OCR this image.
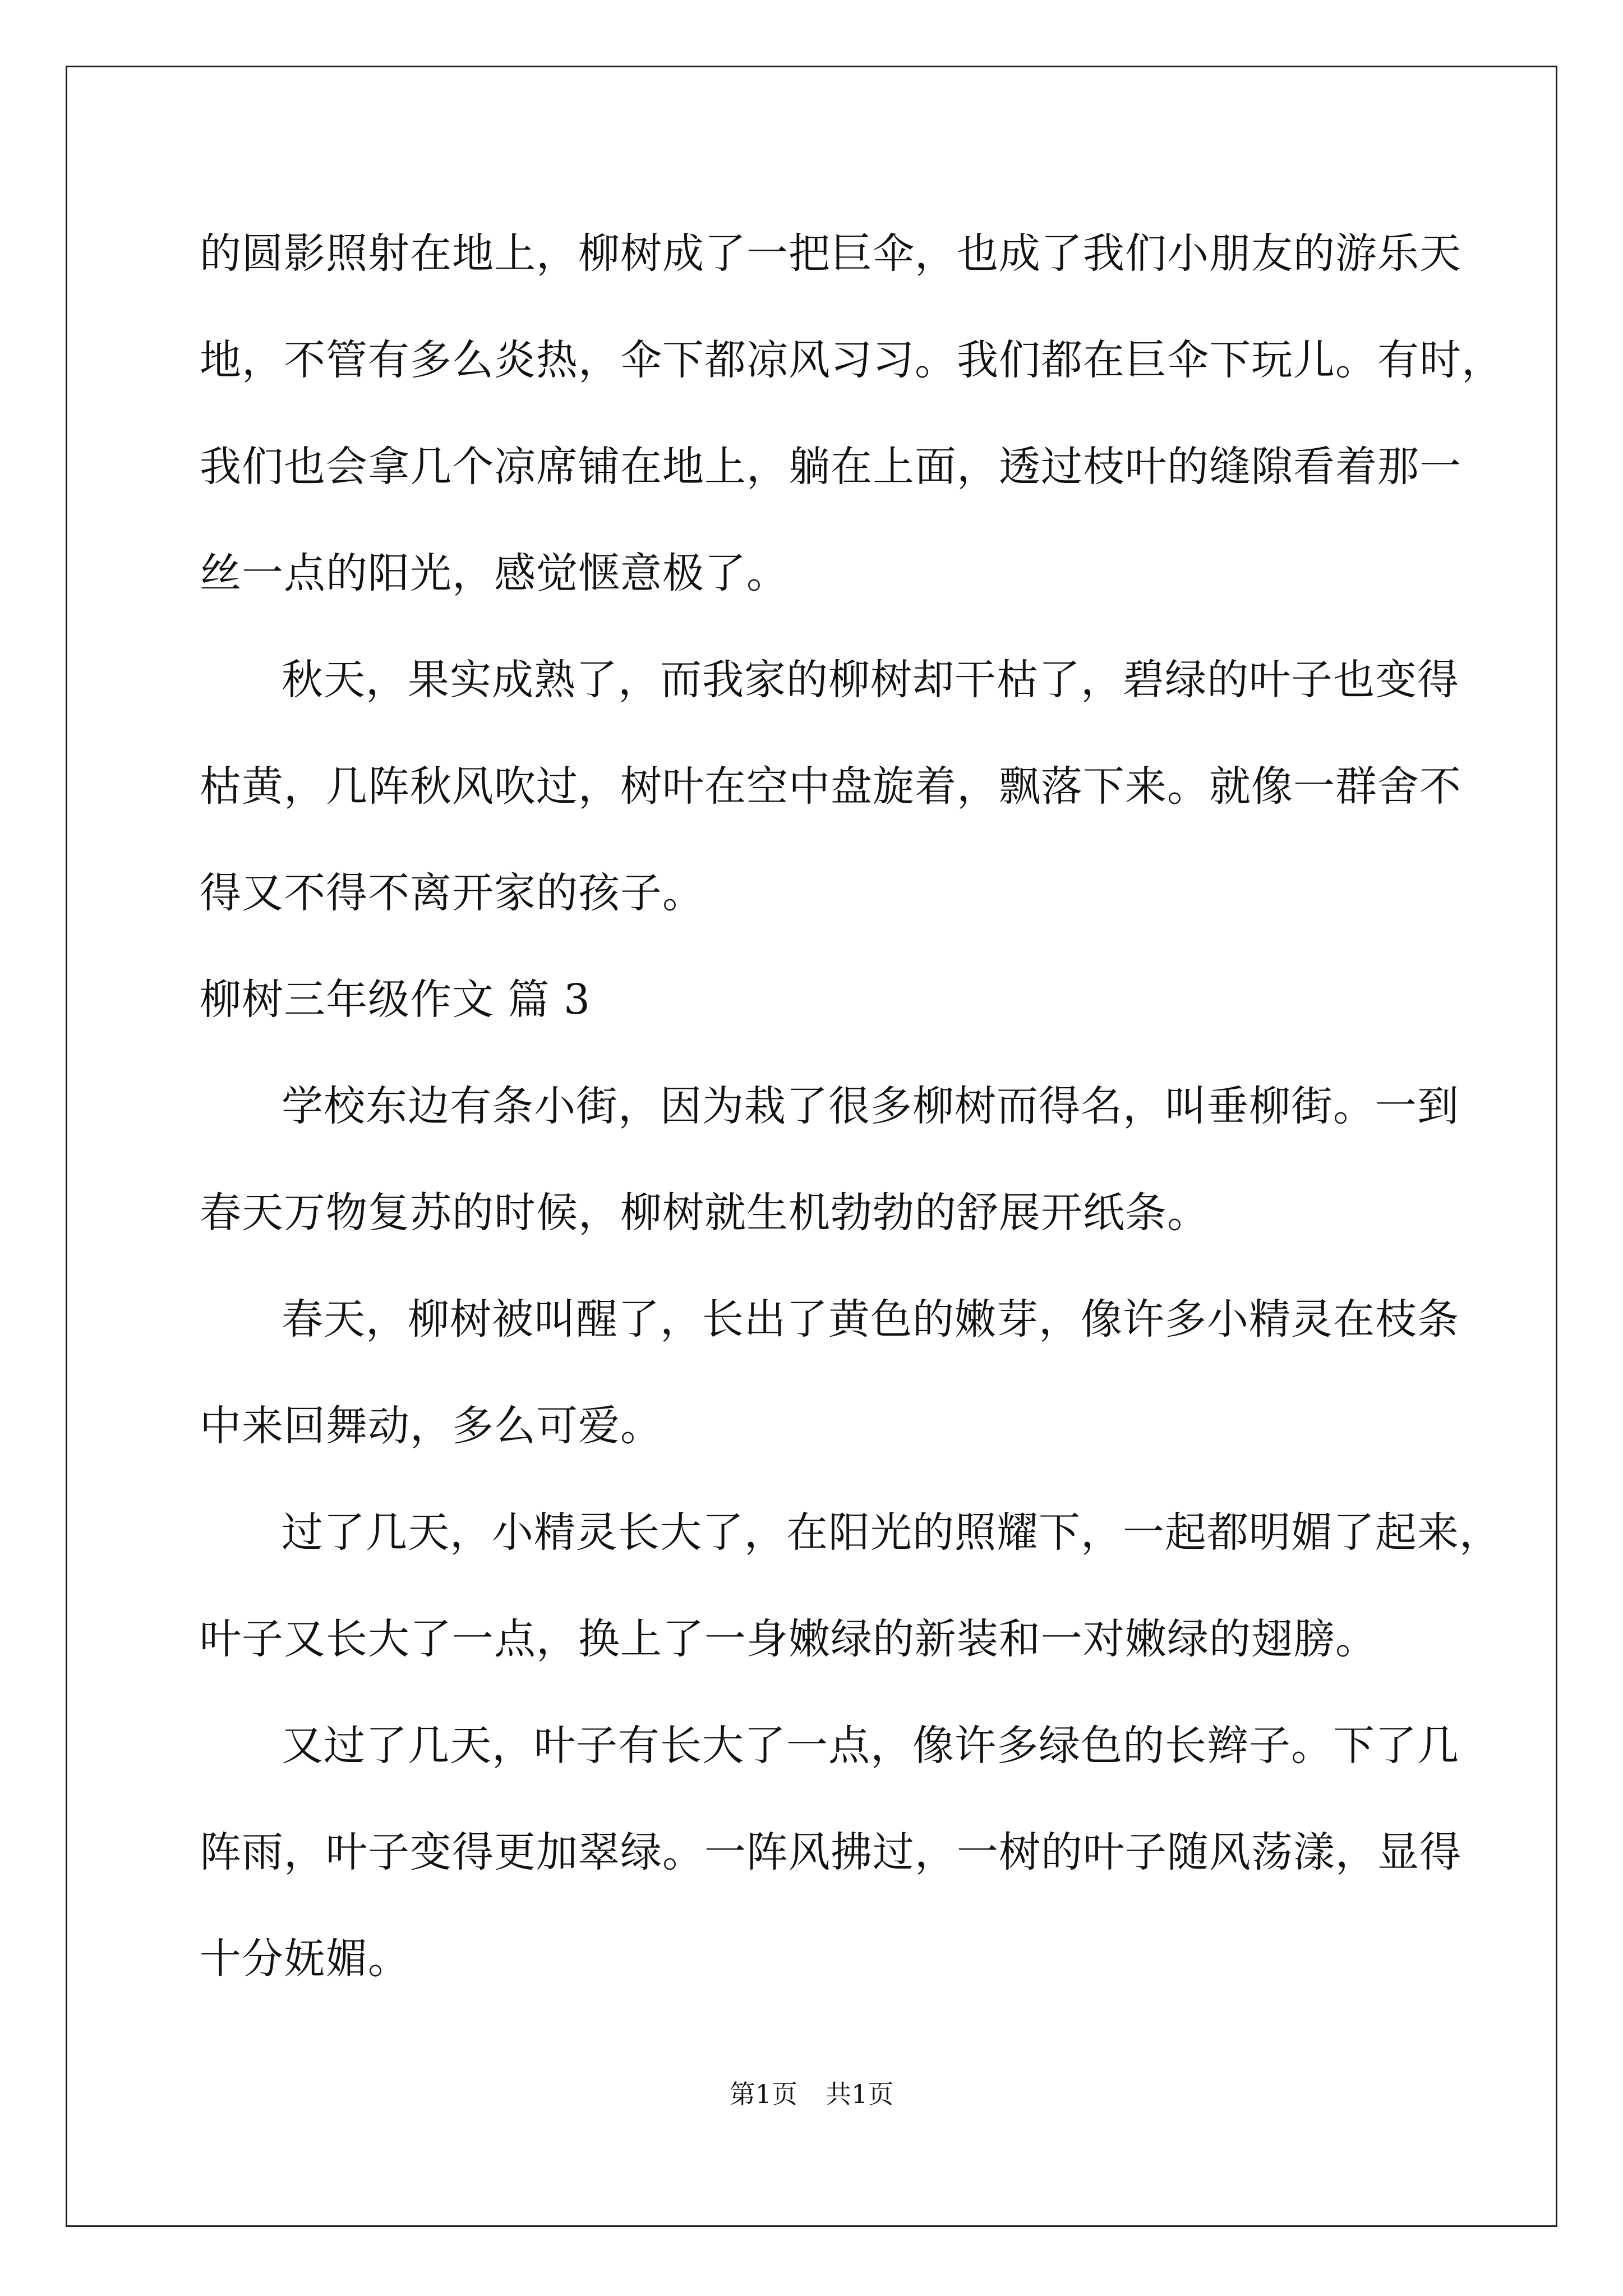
的圆影照射在地上，柳树成了一把巨伞，也成了我们小朋友的游乐天
地，不管有多么炎热，伞下都凉风习习。我们都在巨伞下玩儿。有时，
我们也会拿几个凉席铺在地上，躺在上面，透过枝叶的缝隙看着那一
丝一点的阳光，感觉惬意极了。
秋天，果实成熟了，而我家的柳树却干枯了，碧绿的叶子也变得
枯黄，几阵秋风吹过，树叶在空中盘旋着，飘落下来。就像一群舍不
得又不得不离开家的孩子。
柳树三年级作文 篇 3
学校东边有条小街，因为栽了很多柳树而得名，叫垂柳街。一到
春天万物复苏的时候，柳树就生机勃勃的舒展开纸条。
春天，柳树被叫醒了，长出了黄色的嫩芽，像许多小精灵在枝条
中来回舞动，多么可爱。
过了几天，小精灵长大了，在阳光的照耀下，一起都明媚了起来，
叶子又长大了一点，换上了一身嫩绿的新装和一对嫩绿的翅膀。
又过了几天，叶子有长大了一点，像许多绿色的长辫子。下了几
阵雨，叶子变得更加翠绿。一阵风拂过，一树的叶子随风荡漾，显得
十分妩媚。
第1页 共1页
